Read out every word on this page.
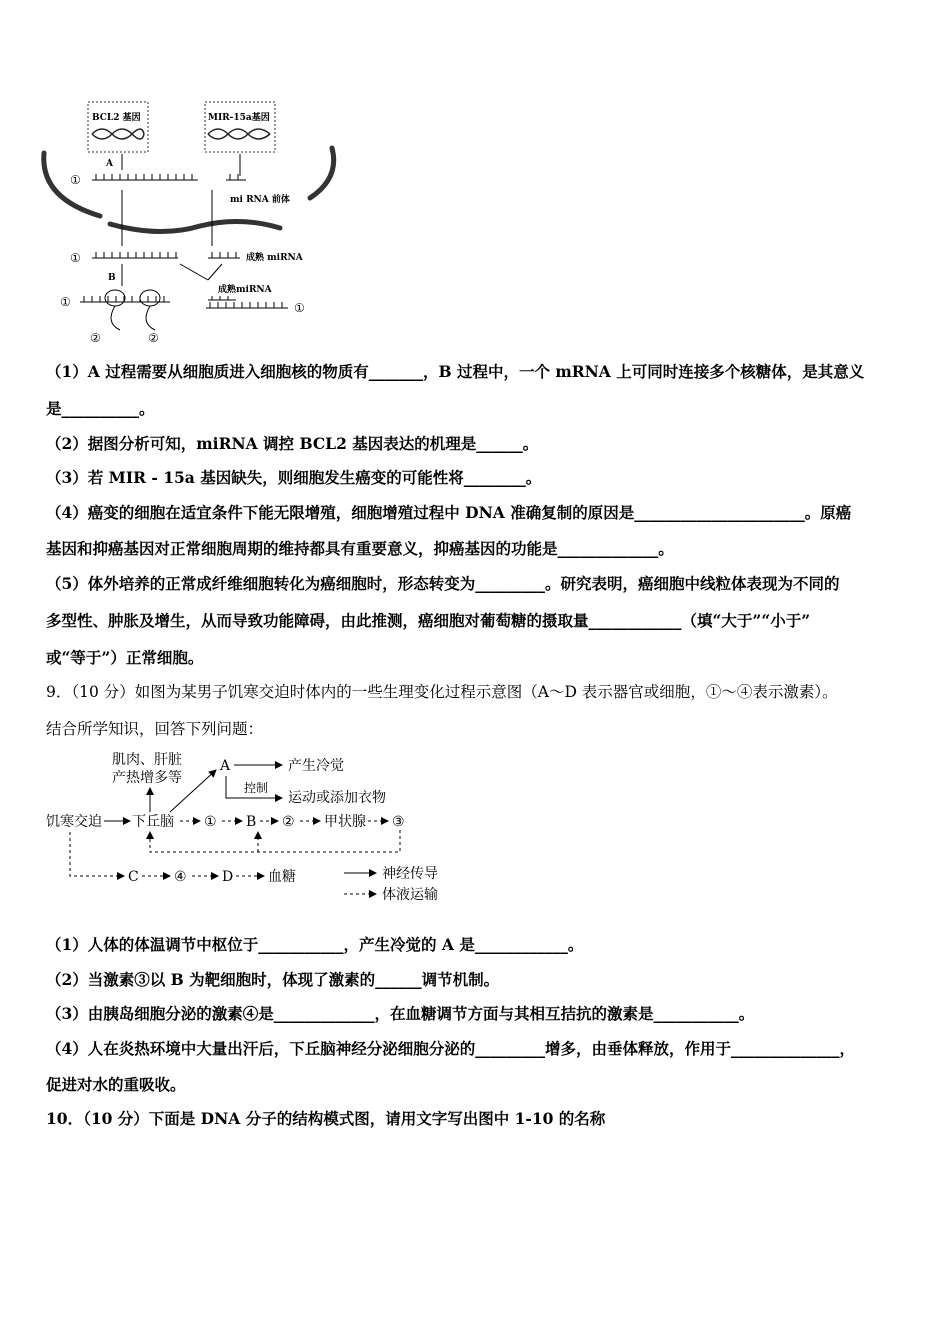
BCL2 基因	MIR-15a基因
A
①
mi RNA 前体
①	成熟 miRNA
B
成熟miRNA
①
②	②
①
（1）A 过程需要从细胞质进入细胞核的物质有_______，B 过程中，一个 mRNA 上可同时连接多个核糖体，是其意义
是__________。
（2）据图分析可知，miRNA 调控 BCL2 基因表达的机理是______。
（3）若 MIR - 15a 基因缺失，则细胞发生癌变的可能性将________。
（4）癌变的细胞在适宜条件下能无限增殖，细胞增殖过程中 DNA 准确复制的原因是______________________。原癌
基因和抑癌基因对正常细胞周期的维持都具有重要意义，抑癌基因的功能是_____________。
（5）体外培养的正常成纤维细胞转化为癌细胞时，形态转变为_________。研究表明，癌细胞中线粒体表现为不同的
多型性、肿胀及增生，从而导致功能障碍，由此推测，癌细胞对葡萄糖的摄取量____________（填“大于”“小于”
或“等于”）正常细胞。
9．（10 分）如图为某男子饥寒交迫时体内的一些生理变化过程示意图（A～D 表示器官或细胞，①～④表示激素）。
结合所学知识，回答下列问题：
肌肉、肝脏
产热增多等
A	产生冷觉
控制
运动或添加衣物
饥寒交迫 下丘脑 ① B ② 甲状腺 ③
C	④	D 血糖	神经传导
体液运输
（1）人体的体温调节中枢位于___________，产生冷觉的 A 是____________。
（2）当激素③以 B 为靶细胞时，体现了激素的______调节机制。
（3）由胰岛细胞分泌的激素④是_____________，在血糖调节方面与其相互拮抗的激素是___________。
（4）人在炎热环境中大量出汗后，下丘脑神经分泌细胞分泌的_________增多，由垂体释放，作用于______________，
促进对水的重吸收。
10．（10 分）下面是 DNA 分子的结构模式图，请用文字写出图中 1-10 的名称
